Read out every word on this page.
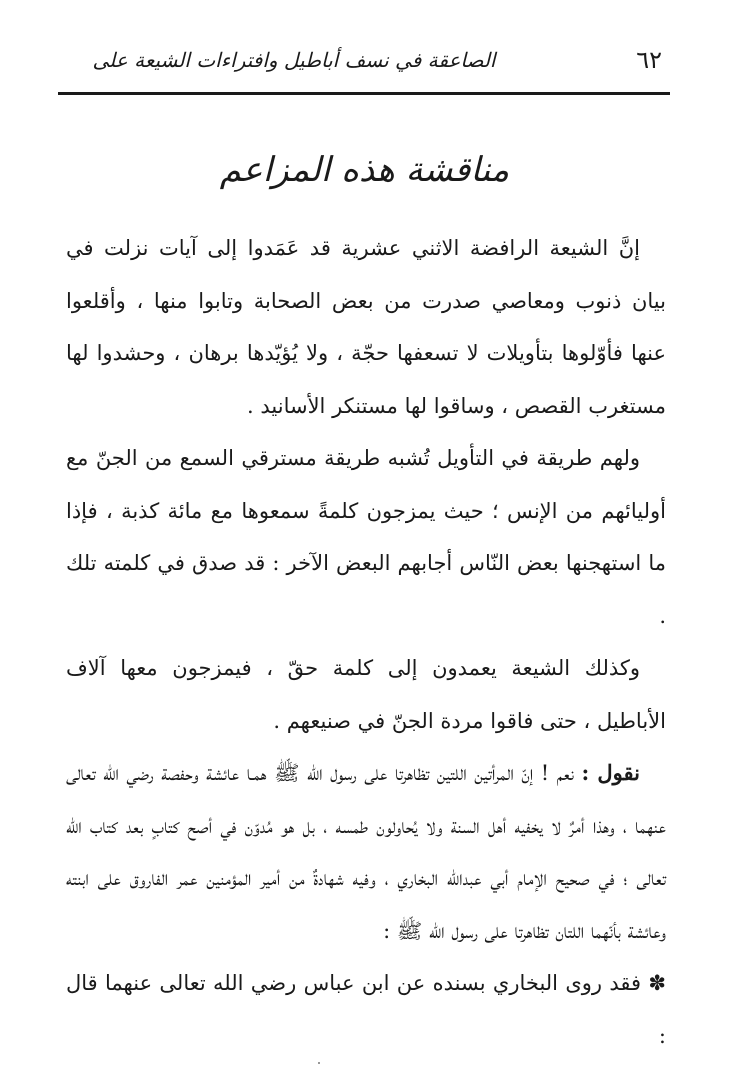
٦٢
الصاعقة في نسف أباطيل وافتراءات الشيعة على
مناقشة هذه المزاعم

إنَّ الشيعة الرافضة الاثني عشرية قد عَمَدوا إلى آيات نزلت في بيان ذنوب ومعاصي صدرت من بعض الصحابة وتابوا منها ، وأقلعوا عنها فأوّلوها بتأويلات لا تسعفها حجّة ، ولا يُؤيّدها برهان ، وحشدوا لها مستغرب القصص ، وساقوا لها مستنكر الأسانيد .

ولهم طريقة في التأويل تُشبه طريقة مسترقي السمع من الجنّ مع أوليائهم من الإنس ؛ حيث يمزجون كلمةً سمعوها مع مائة كذبة ، فإذا ما استهجنها بعض النّاس أجابهم البعض الآخر : قد صدق في كلمته تلك .

وكذلك الشيعة يعمدون إلى كلمة حقّ ، فيمزجون معها آلاف الأباطيل ، حتى فاقوا مردة الجنّ في صنيعهم .

نقول : نعم ! إنّ المرأتين اللتين تظاهرتا على رسول الله ﷺ همـا عائشة وحفصة رضي الله تعالى عنهما ، وهذا أمرٌ لا يخفيه أهل السنة ولا يُحاولون طمسه ، بل هو مُدوّن في أصح كتابٍ بعد كتاب الله تعالى ؛ في صحيح الإمام أبي عبدالله البخاري ، وفيه شهادةٌ من أمير المؤمنين عمر الفاروق على ابنته وعائشة بأنّهما اللتان تظاهرتا على رسول الله ﷺ :

✽ فقد روى البخاري بسنده عن ابن عباس رضي الله تعالى عنهما قال :
